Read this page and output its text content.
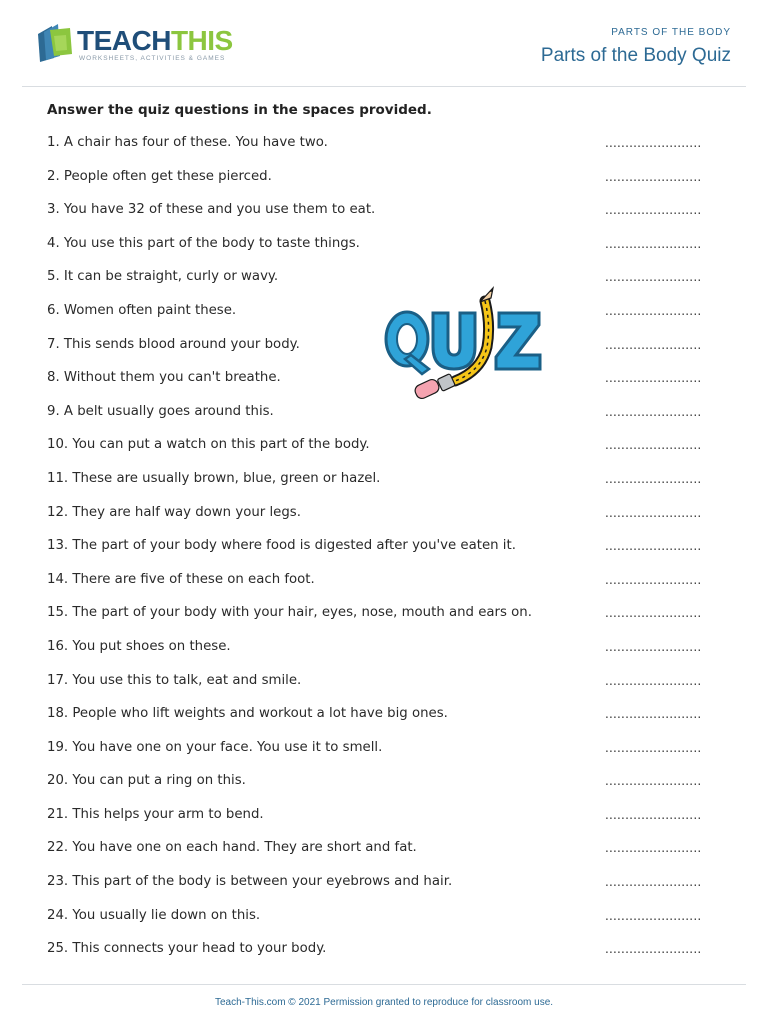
TEACHTHIS
WORKSHEETS, ACTIVITIES & GAMES
PARTS OF THE BODY
Parts of the Body Quiz
Answer the quiz questions in the spaces provided.
1. A chair has four of these. You have two.	........................
2. People often get these pierced.	........................
3. You have 32 of these and you use them to eat.	........................
4. You use this part of the body to taste things.	........................
5. It can be straight, curly or wavy.	........................
6. Women often paint these.	........................
7. This sends blood around your body.	........................
8. Without them you can't breathe.	........................
9. A belt usually goes around this.	........................
10. You can put a watch on this part of the body.	........................
11. These are usually brown, blue, green or hazel.	........................
12. They are half way down your legs.	........................
13. The part of your body where food is digested after you've eaten it.	........................
14. There are five of these on each foot.	........................
15. The part of your body with your hair, eyes, nose, mouth and ears on.	........................
16. You put shoes on these.	........................
17. You use this to talk, eat and smile.	........................
18. People who lift weights and workout a lot have big ones.	........................
19. You have one on your face. You use it to smell.	........................
20. You can put a ring on this.	........................
21. This helps your arm to bend.	........................
22. You have one on each hand. They are short and fat.	........................
23. This part of the body is between your eyebrows and hair.	........................
24. You usually lie down on this.	........................
25. This connects your head to your body.	........................
Teach-This.com © 2021 Permission granted to reproduce for classroom use.
